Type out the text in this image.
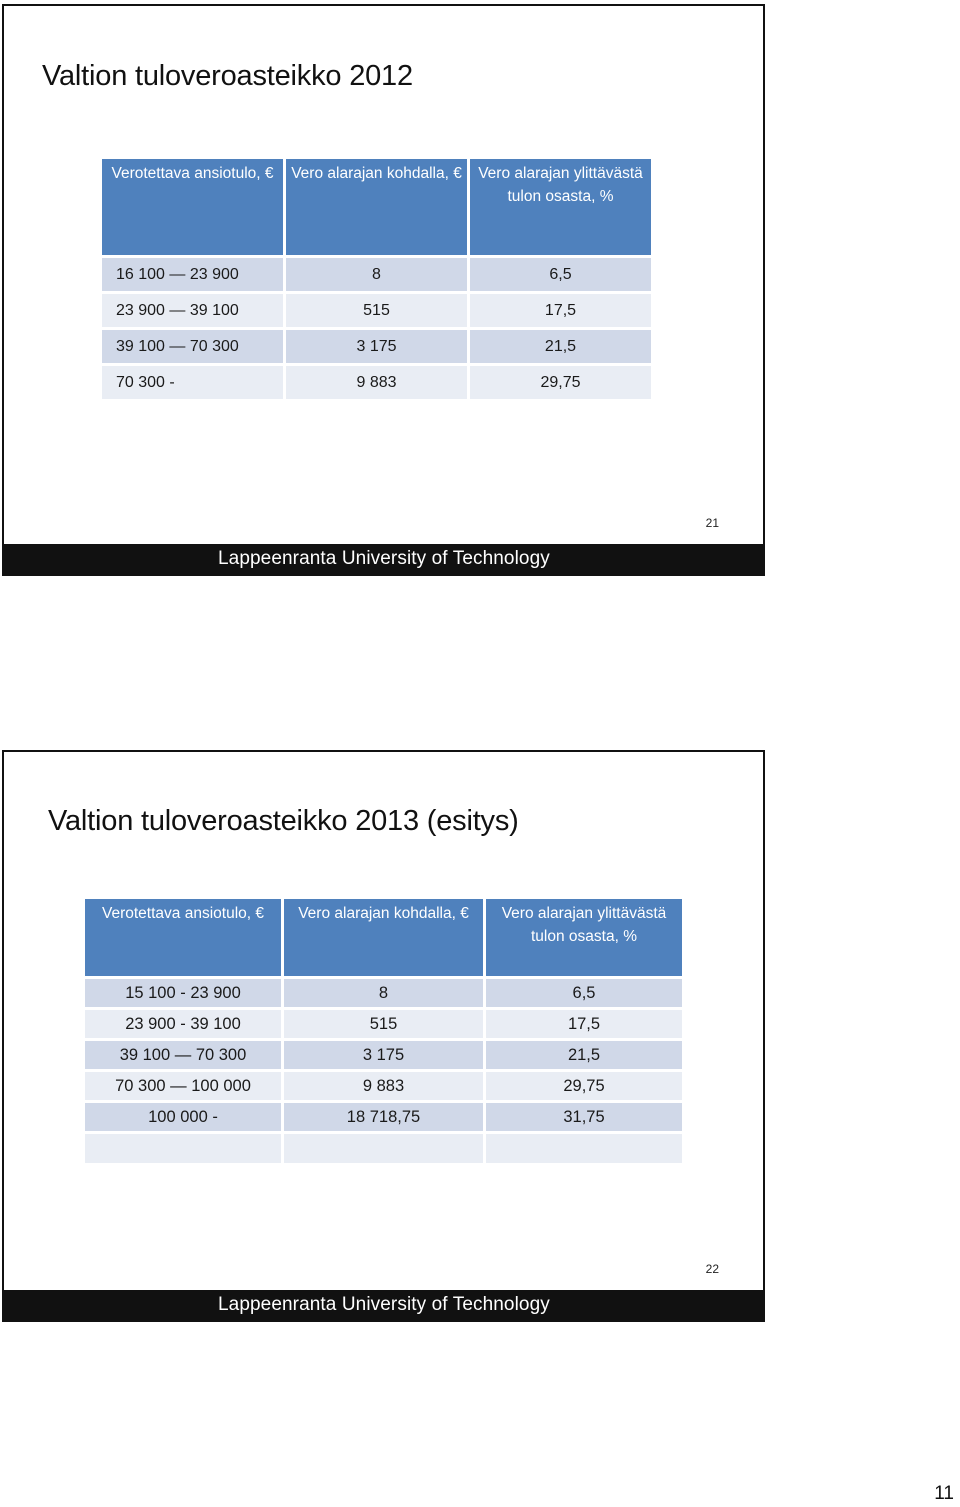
Valtion tuloveroasteikko 2012
Verotettava ansiotulo, €	Vero alarajan kohdalla, €	Vero alarajan ylittävästä tulon osasta, %
16 100 — 23 900	8	6,5
23 900 — 39 100	515	17,5
39 100 — 70 300	3 175	21,5
70 300 -	9 883	29,75
21
Lappeenranta University of Technology
Valtion tuloveroasteikko 2013 (esitys)
Verotettava ansiotulo, €	Vero alarajan kohdalla, €	Vero alarajan ylittävästä tulon osasta, %
15 100 - 23 900	8	6,5
23 900 - 39 100	515	17,5
39 100 — 70 300	3 175	21,5
70 300 — 100 000	9 883	29,75
100 000 -	18 718,75	31,75

22
Lappeenranta University of Technology
11
